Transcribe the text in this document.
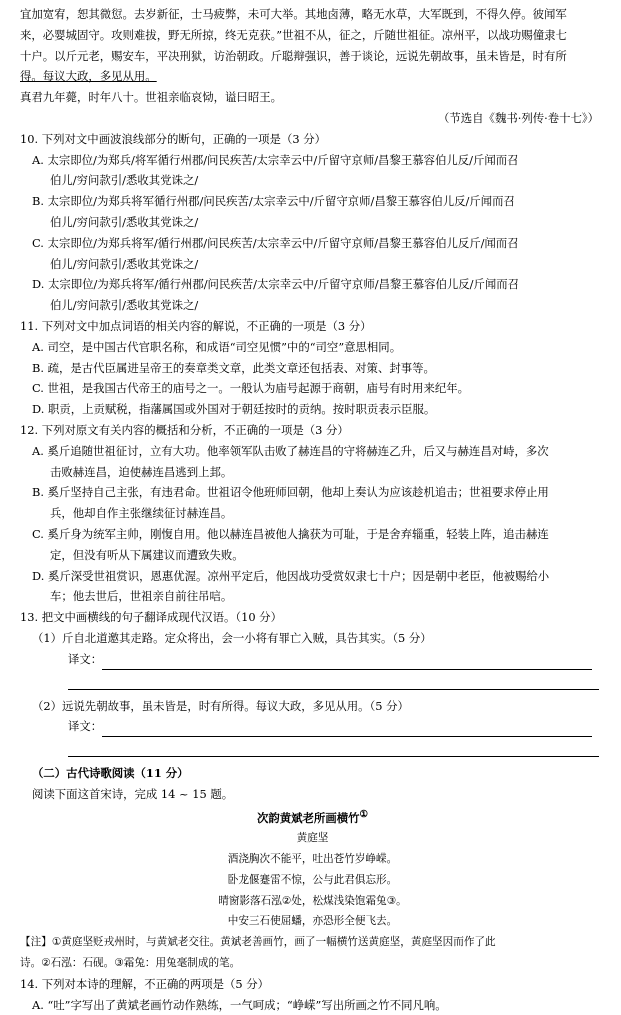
宜加宽宥，恕其微愆。去岁新征，士马疲弊，未可大举。其地卤薄，略无水草，大军既到，不得久停。彼闻军
来，必婴城固守。攻则难拔，野无所掠，终无克获。”世祖不从，征之，斤随世祖征。凉州平，以战功赐僮隶七
十户。以斤元老，赐安车，平决刑狱，访治朝政。斤聪辩强识，善于谈论，远说先朝故事，虽未皆是，时有所
得。每议大政，多见从用。
真君九年薨，时年八十。世祖亲临哀恸，谥曰昭王。
（节选自《魏书·列传·卷十七》）
10. 下列对文中画波浪线部分的断句，正确的一项是（3 分）
A. 太宗即位/为郑兵/将军循行州郡/问民疾苦/太宗幸云中/斤留守京师/昌黎王慕容伯儿反/斤闻而召
伯儿/穷问款引/悉收其党诛之/
B. 太宗即位/为郑兵将军循行州郡/问民疾苦/太宗幸云中/斤留守京师/昌黎王慕容伯儿反/斤闻而召
伯儿/穷问款引/悉收其党诛之/
C. 太宗即位/为郑兵将军/循行州郡/问民疾苦/太宗幸云中/斤留守京师/昌黎王慕容伯儿反斤/闻而召
伯儿/穷问款引/悉收其党诛之/
D. 太宗即位/为郑兵将军/循行州郡/问民疾苦/太宗幸云中/斤留守京师/昌黎王慕容伯儿反/斤闻而召
伯儿/穷问款引/悉收其党诛之/
11. 下列对文中加点词语的相关内容的解说，不正确的一项是（3 分）
A. 司空，是中国古代官职名称，和成语“司空见惯”中的“司空”意思相同。
B. 疏，是古代臣属进呈帝王的奏章类文章，此类文章还包括表、对策、封事等。
C. 世祖，是我国古代帝王的庙号之一。一般认为庙号起源于商朝，庙号有时用来纪年。
D. 职贡，上贡赋税，指藩属国或外国对于朝廷按时的贡纳。按时职贡表示臣服。
12. 下列对原文有关内容的概括和分析，不正确的一项是（3 分）
A. 奚斤追随世祖征讨，立有大功。他率领军队击败了赫连昌的守将赫连乙升，后又与赫连昌对峙，多次
击败赫连昌，迫使赫连昌逃到上邽。
B. 奚斤坚持自己主张，有违君命。世祖诏令他班师回朝，他却上奏认为应该趁机追击；世祖要求停止用
兵，他却自作主张继续征讨赫连昌。
C. 奚斤身为统军主帅，刚愎自用。他以赫连昌被他人擒获为可耻，于是舍弃辎重，轻装上阵，追击赫连
定，但没有听从下属建议而遭致失败。
D. 奚斤深受世祖赏识，恩惠优渥。凉州平定后，他因战功受赏奴隶七十户；因是朝中老臣，他被赐给小
车；他去世后，世祖亲自前往吊唁。
13. 把文中画横线的句子翻译成现代汉语。（10 分）
（1）斤自北道邀其走路。定众将出，会一小将有罪亡入贼，具告其实。（5 分）
译文：
（2）远说先朝故事，虽未皆是，时有所得。每议大政，多见从用。（5 分）
译文：
（二）古代诗歌阅读（11 分）
阅读下面这首宋诗，完成 14 ~ 15 题。
次韵黄斌老所画横竹①
黄庭坚
酒浇胸次不能平，吐出苍竹岁峥嵘。
卧龙偃蹇雷不惊，公与此君俱忘形。
晴窗影落石泓②处，松煤浅染饱霜兔③。
中安三石使屈蟠，亦恐形全便飞去。
【注】①黄庭坚贬戎州时，与黄斌老交往。黄斌老善画竹，画了一幅横竹送黄庭坚，黄庭坚因而作了此
诗。②石泓：石砚。③霜兔：用兔毫制成的笔。
14. 下列对本诗的理解，不正确的两项是（5 分）
A. “吐”字写出了黄斌老画竹动作熟练，一气呵成；“峥嵘”写出所画之竹不同凡响。
